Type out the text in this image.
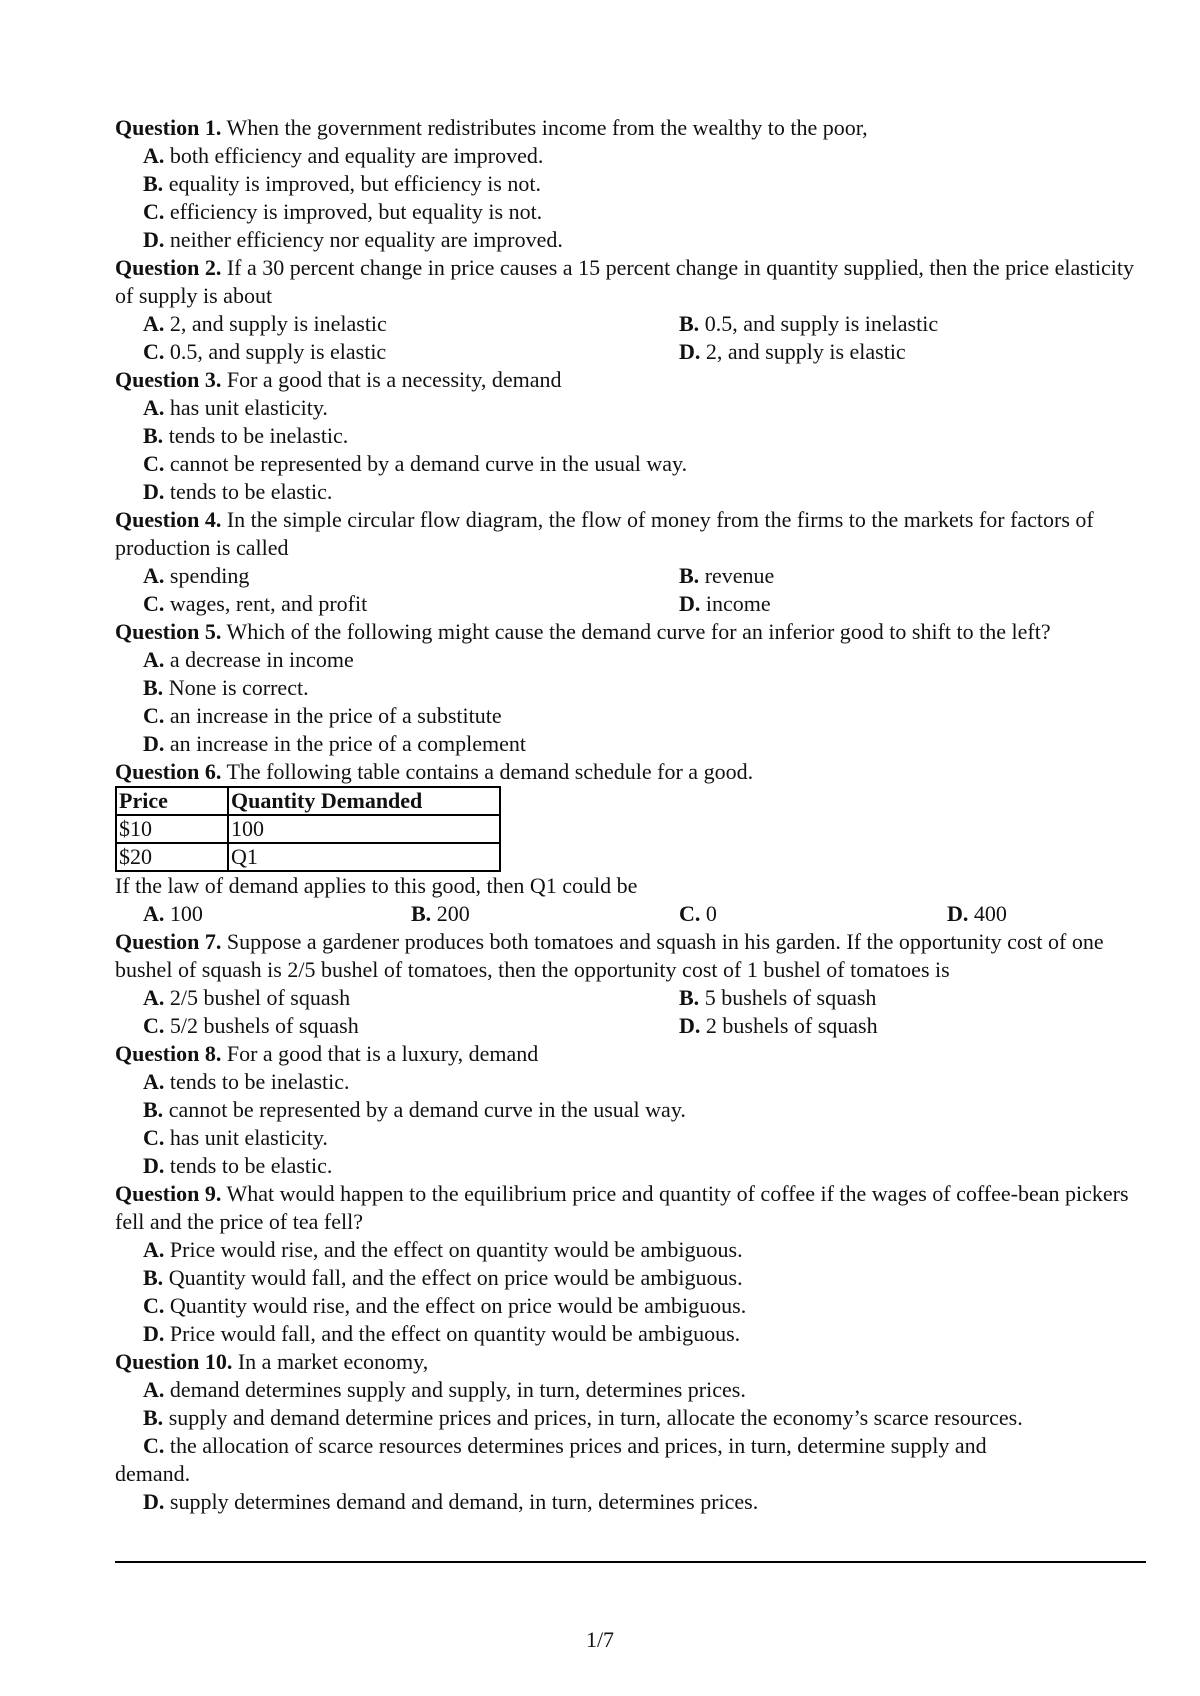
Question 1. When the government redistributes income from the wealthy to the poor,
A. both efficiency and equality are improved.
B. equality is improved, but efficiency is not.
C. efficiency is improved, but equality is not.
D. neither efficiency nor equality are improved.
Question 2. If a 30 percent change in price causes a 15 percent change in quantity supplied, then the price elasticity of supply is about
A. 2, and supply is inelastic	B. 0.5, and supply is inelastic
C. 0.5, and supply is elastic	D. 2, and supply is elastic
Question 3. For a good that is a necessity, demand
A. has unit elasticity.
B. tends to be inelastic.
C. cannot be represented by a demand curve in the usual way.
D. tends to be elastic.
Question 4. In the simple circular flow diagram, the flow of money from the firms to the markets for factors of production is called
A. spending	B. revenue
C. wages, rent, and profit	D. income
Question 5. Which of the following might cause the demand curve for an inferior good to shift to the left?
A. a decrease in income
B. None is correct.
C. an increase in the price of a substitute
D. an increase in the price of a complement
Question 6. The following table contains a demand schedule for a good.
Price	Quantity Demanded
$10	100
$20	Q1
If the law of demand applies to this good, then Q1 could be
A. 100	B. 200	C. 0	D. 400
Question 7. Suppose a gardener produces both tomatoes and squash in his garden. If the opportunity cost of one bushel of squash is 2/5 bushel of tomatoes, then the opportunity cost of 1 bushel of tomatoes is
A. 2/5 bushel of squash	B. 5 bushels of squash
C. 5/2 bushels of squash	D. 2 bushels of squash
Question 8. For a good that is a luxury, demand
A. tends to be inelastic.
B. cannot be represented by a demand curve in the usual way.
C. has unit elasticity.
D. tends to be elastic.
Question 9. What would happen to the equilibrium price and quantity of coffee if the wages of coffee-bean pickers fell and the price of tea fell?
A. Price would rise, and the effect on quantity would be ambiguous.
B. Quantity would fall, and the effect on price would be ambiguous.
C. Quantity would rise, and the effect on price would be ambiguous.
D. Price would fall, and the effect on quantity would be ambiguous.
Question 10. In a market economy,
A. demand determines supply and supply, in turn, determines prices.
B. supply and demand determine prices and prices, in turn, allocate the economy’s scarce resources.
C. the allocation of scarce resources determines prices and prices, in turn, determine supply and
demand.
D. supply determines demand and demand, in turn, determines prices.
1/7
